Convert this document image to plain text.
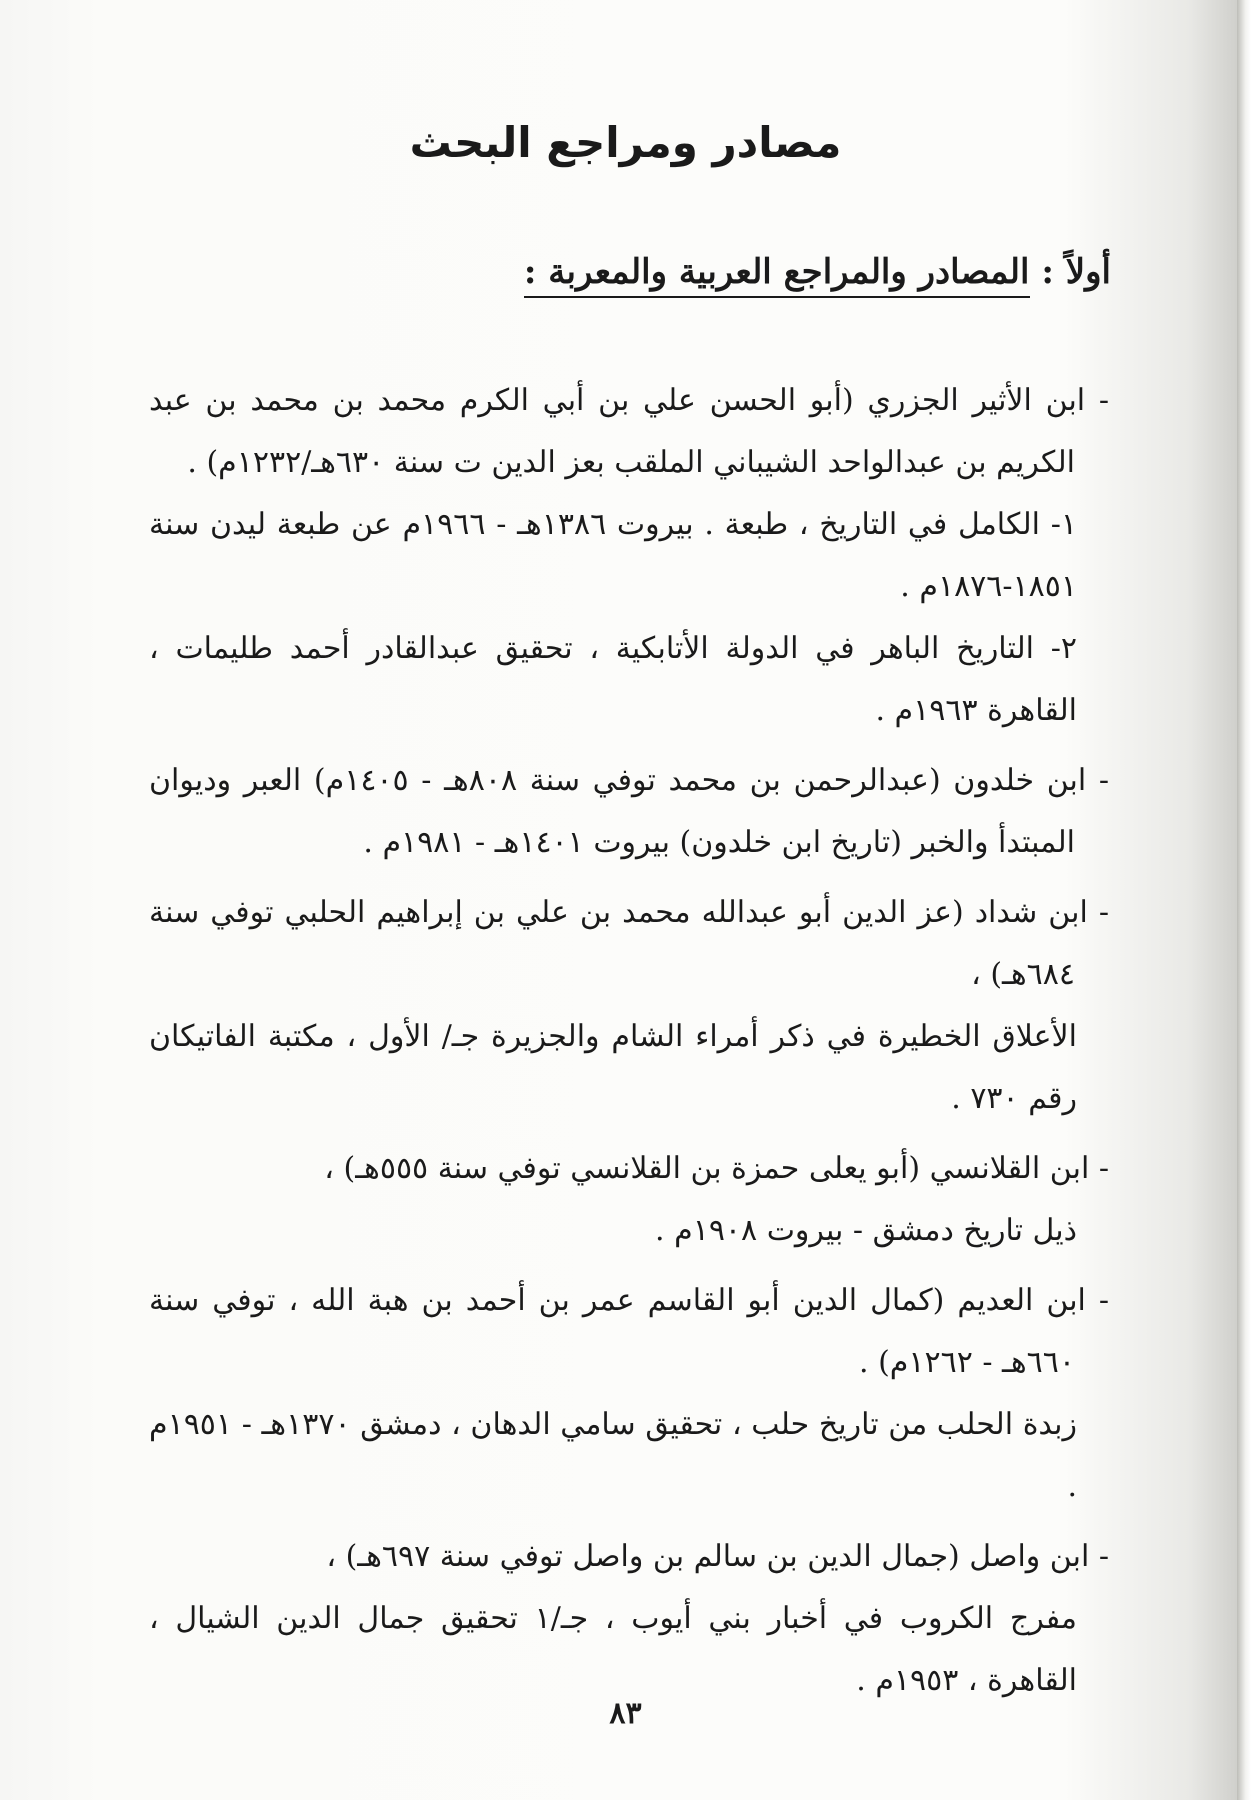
مصادر ومراجع البحث
أولاً : المصادر والمراجع العربية والمعربة :
- ابن الأثير الجزري (أبو الحسن علي بن أبي الكرم محمد بن محمد بن عبد الكريم بن عبدالواحد الشيباني الملقب بعز الدين ت سنة ٦٣٠هـ/١٢٣٢م) .
١- الكامل في التاريخ ، طبعة . بيروت ١٣٨٦هـ - ١٩٦٦م عن طبعة ليدن سنة ١٨٥١-١٨٧٦م .
٢- التاريخ الباهر في الدولة الأتابكية ، تحقيق عبدالقادر أحمد طليمات ، القاهرة ١٩٦٣م .
- ابن خلدون (عبدالرحمن بن محمد توفي سنة ٨٠٨هـ - ١٤٠٥م) العبر وديوان المبتدأ والخبر (تاريخ ابن خلدون) بيروت ١٤٠١هـ - ١٩٨١م .
- ابن شداد (عز الدين أبو عبدالله محمد بن علي بن إبراهيم الحلبي توفي سنة ٦٨٤هـ) ،
الأعلاق الخطيرة في ذكر أمراء الشام والجزيرة جـ/ الأول ، مكتبة الفاتيكان رقم ٧٣٠ .
- ابن القلانسي (أبو يعلى حمزة بن القلانسي توفي سنة ٥٥٥هـ) ،
ذيل تاريخ دمشق - بيروت ١٩٠٨م .
- ابن العديم (كمال الدين أبو القاسم عمر بن أحمد بن هبة الله ، توفي سنة ٦٦٠هـ - ١٢٦٢م) .
زبدة الحلب من تاريخ حلب ، تحقيق سامي الدهان ، دمشق ١٣٧٠هـ - ١٩٥١م .
- ابن واصل (جمال الدين بن سالم بن واصل توفي سنة ٦٩٧هـ) ،
مفرج الكروب في أخبار بني أيوب ، جـ/١ تحقيق جمال الدين الشيال ، القاهرة ، ١٩٥٣م .
٨٣
